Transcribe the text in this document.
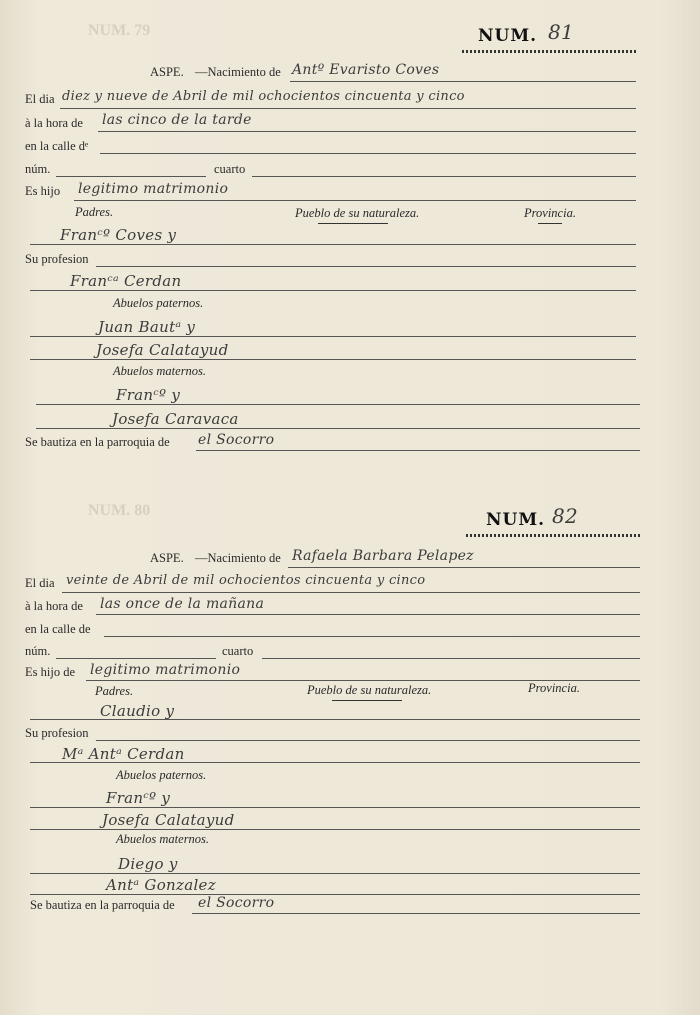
NUM. 79
NUM. 80
NUM. 81
ASPE. —Nacimiento de Antº Evaristo Coves
El dia diez y nueve de Abril de mil ochocientos cincuenta y cinco
à la hora de las cinco de la tarde
en la calle dᵉ
núm.	cuarto
Es hijo legitimo matrimonio
Padres.	Pueblo de su naturaleza.	Provincia.
Franᶜº Coves y
Su profesion
Franᶜᵃ Cerdan
Abuelos paternos.
Juan Bautᵃ y
Josefa Calatayud
Abuelos maternos.
Franᶜº y
Josefa Caravaca
Se bautiza en la parroquia de el Socorro
NUM. 82
ASPE. —Nacimiento de Rafaela Barbara Pelapez
El dia veinte de Abril de mil ochocientos cincuenta y cinco
à la hora de las once de la mañana
en la calle de
núm.	cuarto
Es hijo de legitimo matrimonio
Padres.	Pueblo de su naturaleza.	Provincia.
Claudio y
Su profesion
Mᵃ Antᵃ Cerdan
Abuelos paternos.
Franᶜº y
Josefa Calatayud
Abuelos maternos.
Diego y
Antᵃ Gonzalez
Se bautiza en la parroquia de el Socorro
